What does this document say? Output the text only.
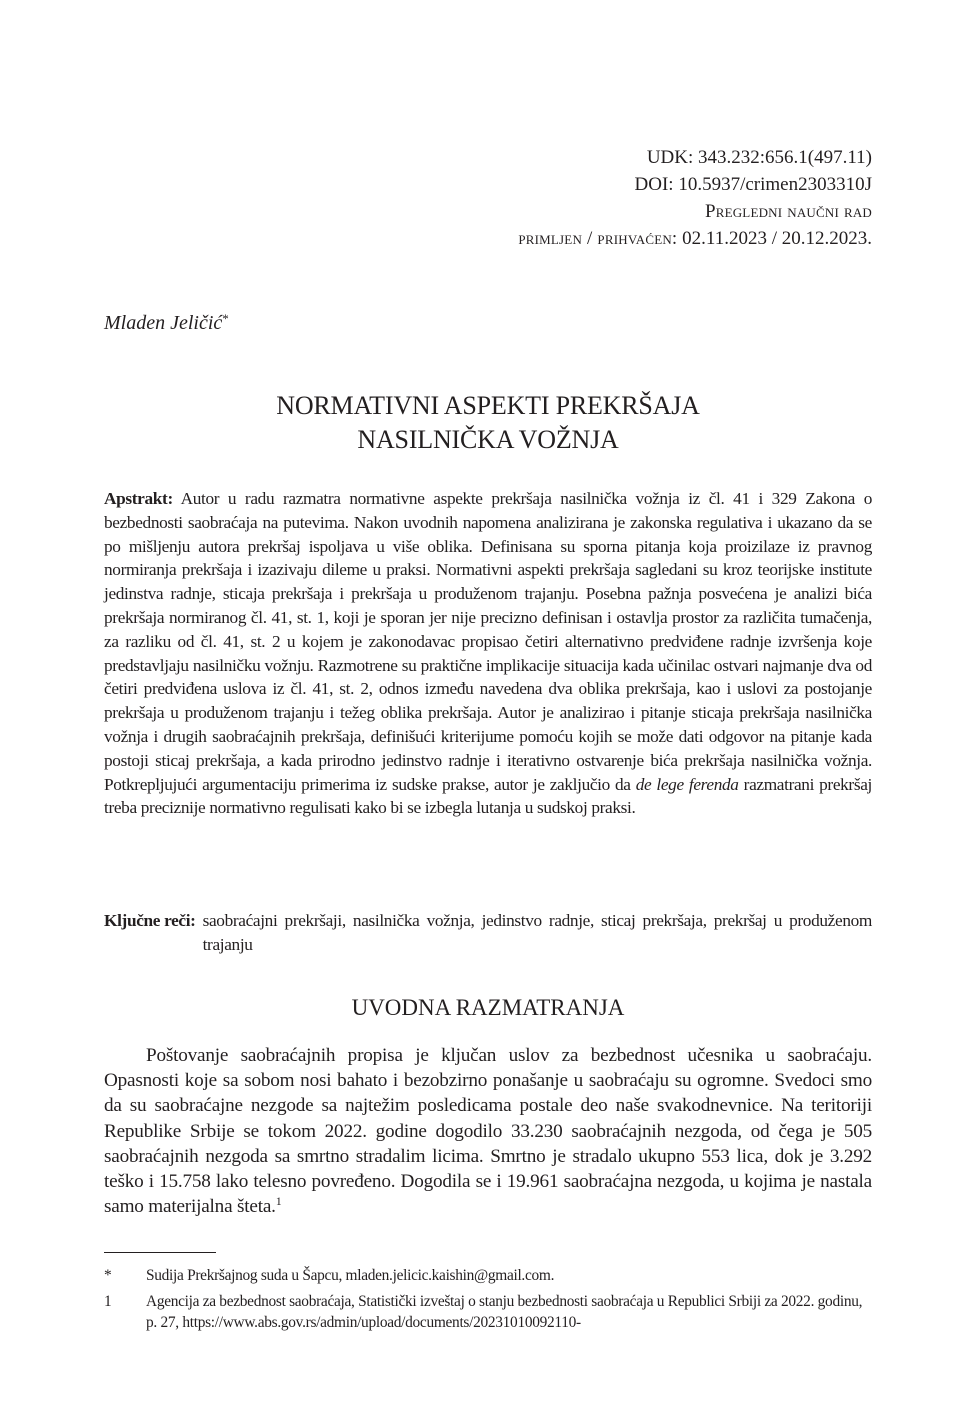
UDK: 343.232:656.1(497.11)
DOI: 10.5937/crimen2303310J
Pregledni naučni rad
primljen / prihvaćen: 02.11.2023 / 20.12.2023.
Mladen Jeličić*
NORMATIVNI ASPEKTI PREKRŠAJA
NASILNIČKA VOŽNJA
Apstrakt: Autor u radu razmatra normativne aspekte prekršaja nasilnička vožnja iz čl. 41 i 329 Zakona o bezbednosti saobraćaja na putevima. Nakon uvodnih napomena analizirana je zakonska regulativa i ukazano da se po mišljenju autora prekršaj ispoljava u više oblika. Definisana su sporna pitanja koja proizilaze iz pravnog normiranja prekršaja i izazivaju dileme u praksi. Normativni aspekti prekršaja sagledani su kroz teorijske institute jedinstva radnje, sticaja prekršaja i prekršaja u produženom trajanju. Posebna pažnja posvećena je analizi bića prekršaja normiranog čl. 41, st. 1, koji je sporan jer nije precizno definisan i ostavlja prostor za različita tumačenja, za razliku od čl. 41, st. 2 u kojem je zakonodavac propisao četiri alternativno predviđene radnje izvršenja koje predstavljaju nasilničku vožnju. Razmotrene su praktične implikacije situacija kada učinilac ostvari najmanje dva od četiri predviđena uslova iz čl. 41, st. 2, odnos između navedena dva oblika prekršaja, kao i uslovi za postojanje prekršaja u produženom trajanju i težeg oblika prekršaja. Autor je analizirao i pitanje sticaja prekršaja nasilnička vožnja i drugih saobraćajnih prekršaja, definišući kriterijume pomoću kojih se može dati odgovor na pitanje kada postoji sticaj prekršaja, a kada prirodno jedinstvo radnje i iterativno ostvarenje bića prekršaja nasilnička vožnja. Potkrepljujući argumentaciju primerima iz sudske prakse, autor je zaključio da de lege ferenda razmatrani prekršaj treba preciznije normativno regulisati kako bi se izbegla lutanja u sudskoj praksi.
Ključne reči: saobraćajni prekršaji, nasilnička vožnja, jedinstvo radnje, sticaj prekršaja, prekršaj u produženom trajanju
UVODNA RAZMATRANJA
Poštovanje saobraćajnih propisa je ključan uslov za bezbednost učesnika u saobraćaju. Opasnosti koje sa sobom nosi bahato i bezobzirno ponašanje u saobraćaju su ogromne. Svedoci smo da su saobraćajne nezgode sa najtežim posledicama postale deo naše svakodnevnice. Na teritoriji Republike Srbije se tokom 2022. godine dogodilo 33.230 saobraćajnih nezgoda, od čega je 505 saobraćajnih nezgoda sa smrtno stradalim licima. Smrtno je stradalo ukupno 553 lica, dok je 3.292 teško i 15.758 lako telesno povređeno. Dogodila se i 19.961 saobraćajna nezgoda, u kojima je nastala samo materijalna šteta.$^1$
*	Sudija Prekršajnog suda u Šapcu, mladen.jelicic.kaishin@gmail.com.
1	Agencija za bezbednost saobraćaja, Statistički izveštaj o stanju bezbednosti saobraćaja u Republici Srbiji za 2022. godinu, p. 27, https://www.abs.gov.rs/admin/upload/documents/20231010092110-
